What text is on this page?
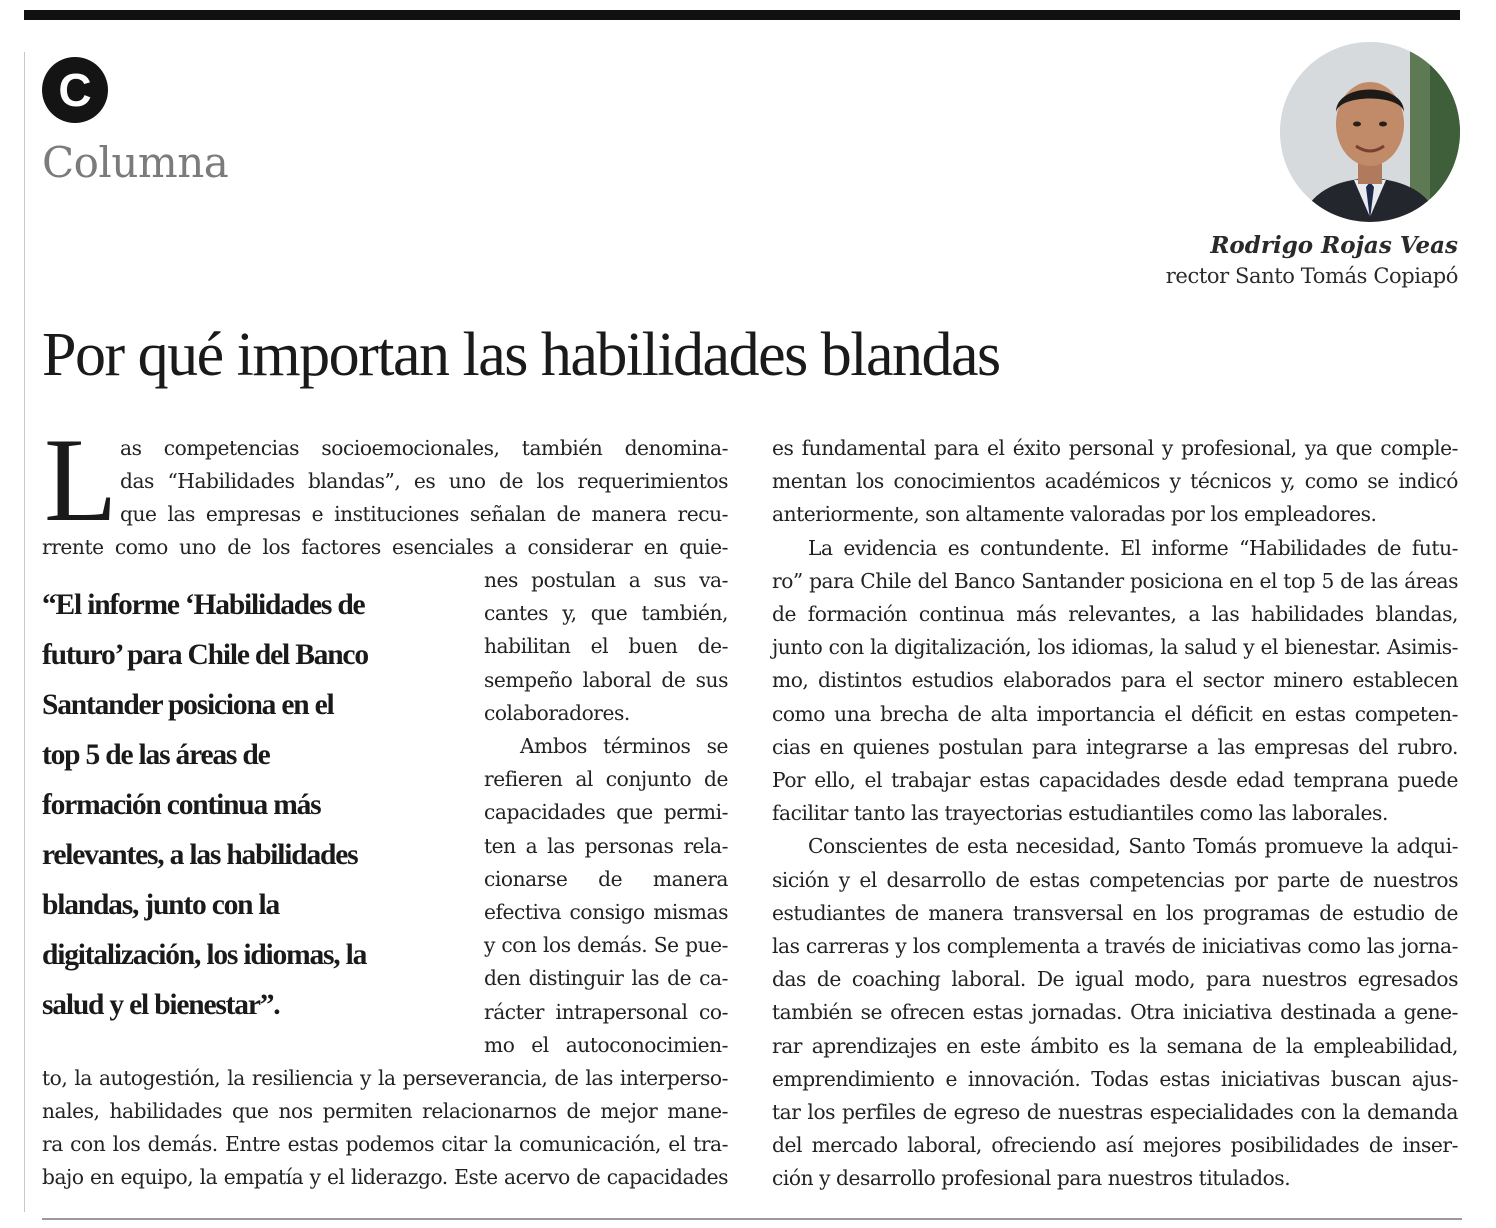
C
Columna
Rodrigo Rojas Veas
rector Santo Tomás Copiapó
Por qué importan las habilidades blandas
L as competencias socioemocionales, también denomina-
das “Habilidades blandas”, es uno de los requerimientos
que las empresas e instituciones señalan de manera recu-
rrente como uno de los factores esenciales a considerar en quie-
“El informe ‘Habilidades de
futuro’ para Chile del Banco
Santander posiciona en el
top 5 de las áreas de
formación continua más
relevantes, a las habilidades
blandas, junto con la
digitalización, los idiomas, la
salud y el bienestar”.
nes postulan a sus va-
cantes y, que también,
habilitan el buen de-
sempeño laboral de sus
colaboradores.
Ambos términos se
refieren al conjunto de
capacidades que permi-
ten a las personas rela-
cionarse de manera
efectiva consigo mismas
y con los demás. Se pue-
den distinguir las de ca-
rácter intrapersonal co-
mo el autoconocimien-
to, la autogestión, la resiliencia y la perseverancia, de las interperso-
nales, habilidades que nos permiten relacionarnos de mejor mane-
ra con los demás. Entre estas podemos citar la comunicación, el tra-
bajo en equipo, la empatía y el liderazgo. Este acervo de capacidades
es fundamental para el éxito personal y profesional, ya que comple-
mentan los conocimientos académicos y técnicos y, como se indicó
anteriormente, son altamente valoradas por los empleadores.
La evidencia es contundente. El informe “Habilidades de futu-
ro” para Chile del Banco Santander posiciona en el top 5 de las áreas
de formación continua más relevantes, a las habilidades blandas,
junto con la digitalización, los idiomas, la salud y el bienestar. Asimis-
mo, distintos estudios elaborados para el sector minero establecen
como una brecha de alta importancia el déficit en estas competen-
cias en quienes postulan para integrarse a las empresas del rubro.
Por ello, el trabajar estas capacidades desde edad temprana puede
facilitar tanto las trayectorias estudiantiles como las laborales.
Conscientes de esta necesidad, Santo Tomás promueve la adqui-
sición y el desarrollo de estas competencias por parte de nuestros
estudiantes de manera transversal en los programas de estudio de
las carreras y los complementa a través de iniciativas como las jorna-
das de coaching laboral. De igual modo, para nuestros egresados
también se ofrecen estas jornadas. Otra iniciativa destinada a gene-
rar aprendizajes en este ámbito es la semana de la empleabilidad,
emprendimiento e innovación. Todas estas iniciativas buscan ajus-
tar los perfiles de egreso de nuestras especialidades con la demanda
del mercado laboral, ofreciendo así mejores posibilidades de inser-
ción y desarrollo profesional para nuestros titulados.
